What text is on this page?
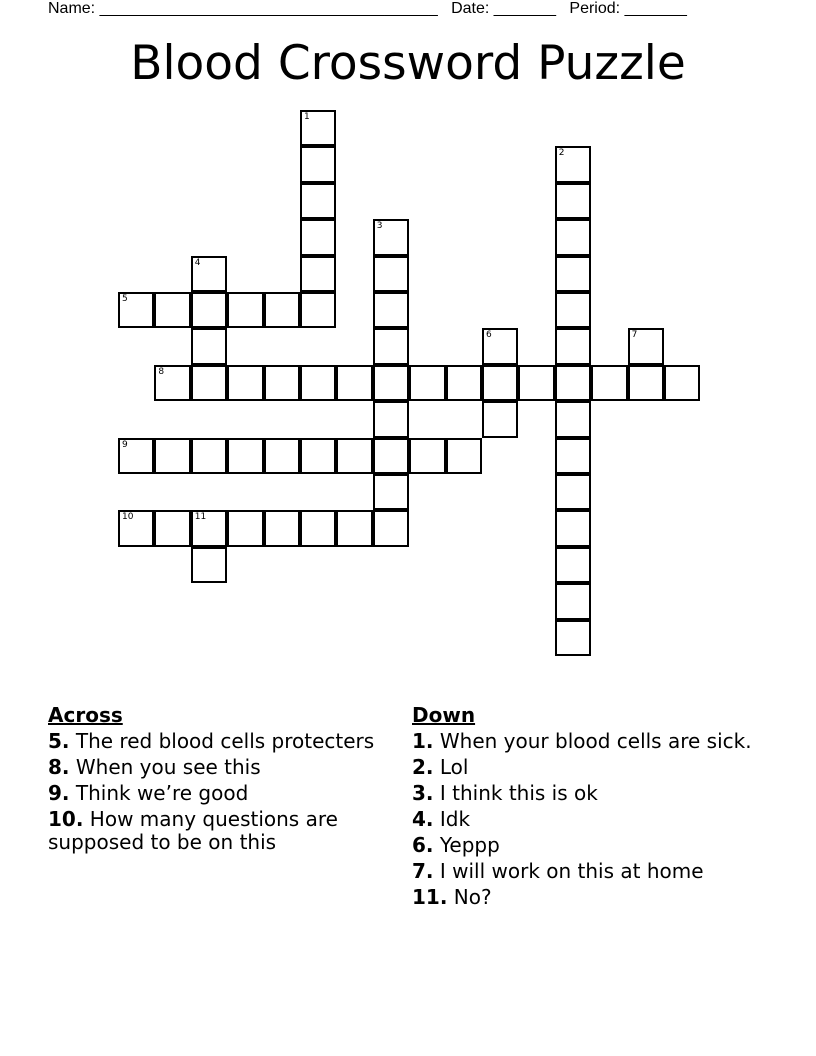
Name: ______________________________________ Date: _______ Period: _______
Blood Crossword Puzzle
1
2
3
4
5
6	7
8
9
10	11
Across
5. The red blood cells protecters
8. When you see this
9. Think we’re good
10. How many questions are supposed to be on this
Down
1. When your blood cells are sick.
2. Lol
3. I think this is ok
4. Idk
6. Yeppp
7. I will work on this at home
11. No?
